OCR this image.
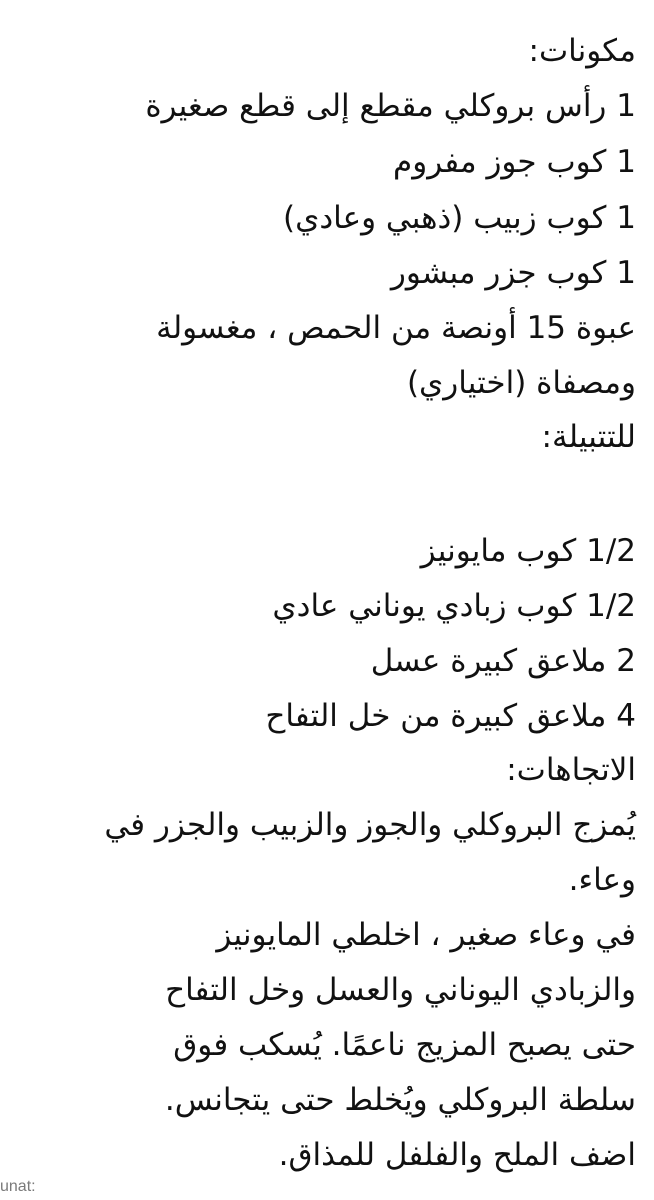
مكونات:
1 رأس بروكلي مقطع إلى قطع صغيرة
1 كوب جوز مفروم
1 كوب زبيب (ذهبي وعادي)
1 كوب جزر مبشور
عبوة 15 أونصة من الحمص ، مغسولة
ومصفاة (اختياري)
للتتبيلة:
1/2 كوب مايونيز
1/2 كوب زبادي يوناني عادي
2 ملاعق كبيرة عسل
4 ملاعق كبيرة من خل التفاح
الاتجاهات:
يُمزج البروكلي والجوز والزبيب والجزر في
وعاء.
في وعاء صغير ، اخلطي المايونيز
والزبادي اليوناني والعسل وخل التفاح
حتى يصبح المزيج ناعمًا. يُسكب فوق
سلطة البروكلي ويُخلط حتى يتجانس.
اضف الملح والفلفل للمذاق.
unat:
